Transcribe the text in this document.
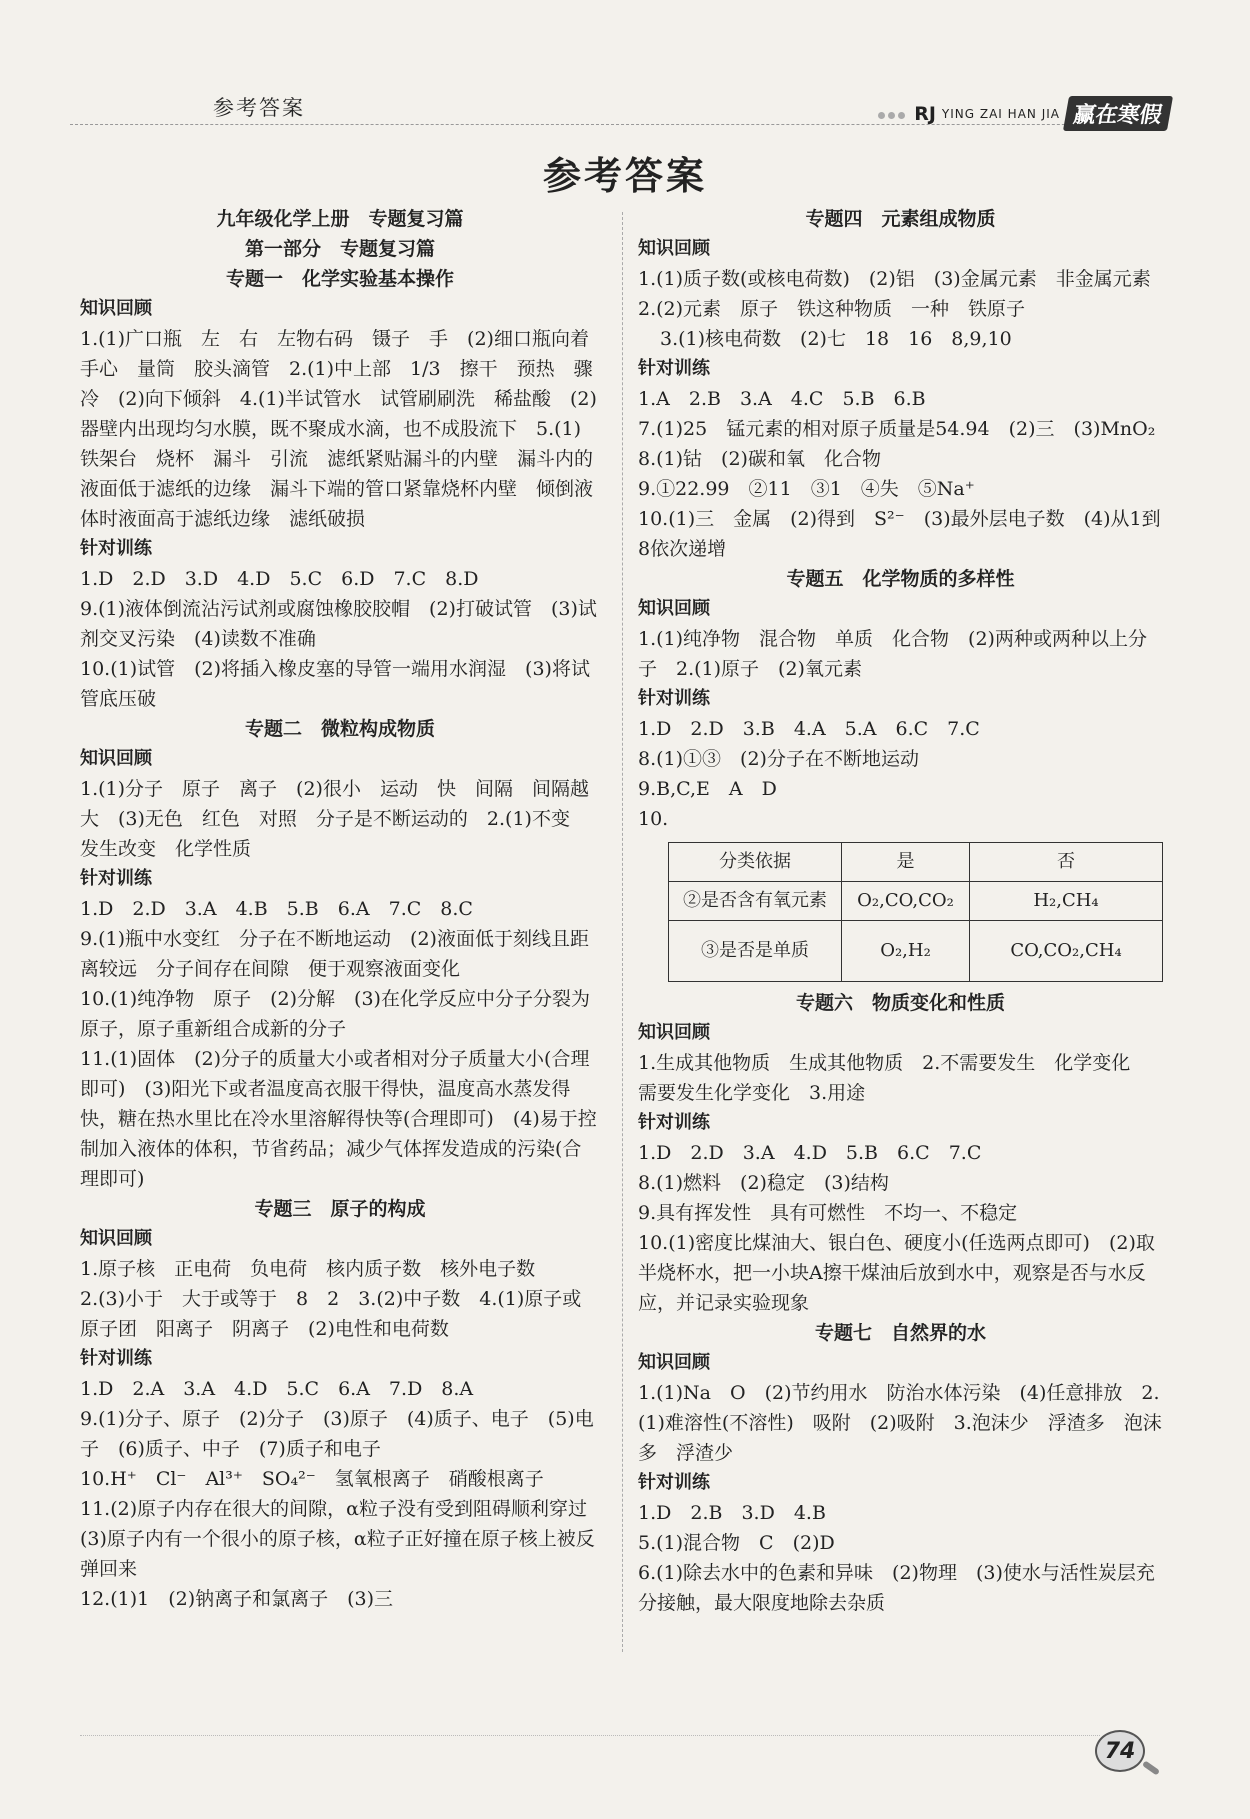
参考答案	RJ YING ZAI HAN JIA 赢在寒假
参考答案
九年级化学上册　专题复习篇
第一部分　专题复习篇
专题一　化学实验基本操作
知识回顾
1.(1)广口瓶　左　右　左物右码　镊子　手　(2)细口瓶向着手心　量筒　胶头滴管　2.(1)中上部　1/3　擦干　预热　骤冷　(2)向下倾斜　4.(1)半试管水　试管刷刷洗　稀盐酸　(2)器壁内出现均匀水膜，既不聚成水滴，也不成股流下　5.(1)铁架台　烧杯　漏斗　引流　滤纸紧贴漏斗的内壁　漏斗内的液面低于滤纸的边缘　漏斗下端的管口紧靠烧杯内壁　倾倒液体时液面高于滤纸边缘　滤纸破损
针对训练
1.D　2.D　3.D　4.D　5.C　6.D　7.C　8.D
9.(1)液体倒流沾污试剂或腐蚀橡胶胶帽　(2)打破试管　(3)试剂交叉污染　(4)读数不准确
10.(1)试管　(2)将插入橡皮塞的导管一端用水润湿　(3)将试管底压破
专题二　微粒构成物质
知识回顾
1.(1)分子　原子　离子　(2)很小　运动　快　间隔　间隔越大　(3)无色　红色　对照　分子是不断运动的　2.(1)不变　发生改变　化学性质
针对训练
1.D　2.D　3.A　4.B　5.B　6.A　7.C　8.C
9.(1)瓶中水变红　分子在不断地运动　(2)液面低于刻线且距离较远　分子间存在间隙　便于观察液面变化
10.(1)纯净物　原子　(2)分解　(3)在化学反应中分子分裂为原子，原子重新组合成新的分子
11.(1)固体　(2)分子的质量大小或者相对分子质量大小(合理即可)　(3)阳光下或者温度高衣服干得快，温度高水蒸发得快，糖在热水里比在冷水里溶解得快等(合理即可)　(4)易于控制加入液体的体积，节省药品；减少气体挥发造成的污染(合理即可)
专题三　原子的构成
知识回顾
1.原子核　正电荷　负电荷　核内质子数　核外电子数
2.(3)小于　大于或等于　8　2　3.(2)中子数　4.(1)原子或原子团　阳离子　阴离子　(2)电性和电荷数
针对训练
1.D　2.A　3.A　4.D　5.C　6.A　7.D　8.A
9.(1)分子、原子　(2)分子　(3)原子　(4)质子、电子　(5)电子　(6)质子、中子　(7)质子和电子
10.H⁺　Cl⁻　Al³⁺　SO₄²⁻　氢氧根离子　硝酸根离子
11.(2)原子内存在很大的间隙，α粒子没有受到阻碍顺利穿过　(3)原子内有一个很小的原子核，α粒子正好撞在原子核上被反弹回来
12.(1)1　(2)钠离子和氯离子　(3)三
专题四　元素组成物质
知识回顾
1.(1)质子数(或核电荷数)　(2)铝　(3)金属元素　非金属元素　2.(2)元素　原子　铁这种物质　一种　铁原子
3.(1)核电荷数　(2)七　18　16　8,9,10
针对训练
1.A　2.B　3.A　4.C　5.B　6.B
7.(1)25　锰元素的相对原子质量是54.94　(2)三　(3)MnO₂
8.(1)钴　(2)碳和氧　化合物
9.①22.99　②11　③1　④失　⑤Na⁺
10.(1)三　金属　(2)得到　S²⁻　(3)最外层电子数　(4)从1到8依次递增
专题五　化学物质的多样性
知识回顾
1.(1)纯净物　混合物　单质　化合物　(2)两种或两种以上分子　2.(1)原子　(2)氧元素
针对训练
1.D　2.D　3.B　4.A　5.A　6.C　7.C
8.(1)①③　(2)分子在不断地运动
9.B,C,E　A　D
10.
分类依据	是	否
②是否含有氧元素	O₂,CO,CO₂	H₂,CH₄
③是否是单质	O₂,H₂	CO,CO₂,CH₄
专题六　物质变化和性质
知识回顾
1.生成其他物质　生成其他物质　2.不需要发生　化学变化　需要发生化学变化　3.用途
针对训练
1.D　2.D　3.A　4.D　5.B　6.C　7.C
8.(1)燃料　(2)稳定　(3)结构
9.具有挥发性　具有可燃性　不均一、不稳定
10.(1)密度比煤油大、银白色、硬度小(任选两点即可)　(2)取半烧杯水，把一小块A擦干煤油后放到水中，观察是否与水反应，并记录实验现象
专题七　自然界的水
知识回顾
1.(1)Na　O　(2)节约用水　防治水体污染　(4)任意排放　2.(1)难溶性(不溶性)　吸附　(2)吸附　3.泡沫少　浮渣多　泡沫多　浮渣少
针对训练
1.D　2.B　3.D　4.B
5.(1)混合物　C　(2)D
6.(1)除去水中的色素和异味　(2)物理　(3)使水与活性炭层充分接触，最大限度地除去杂质
74
